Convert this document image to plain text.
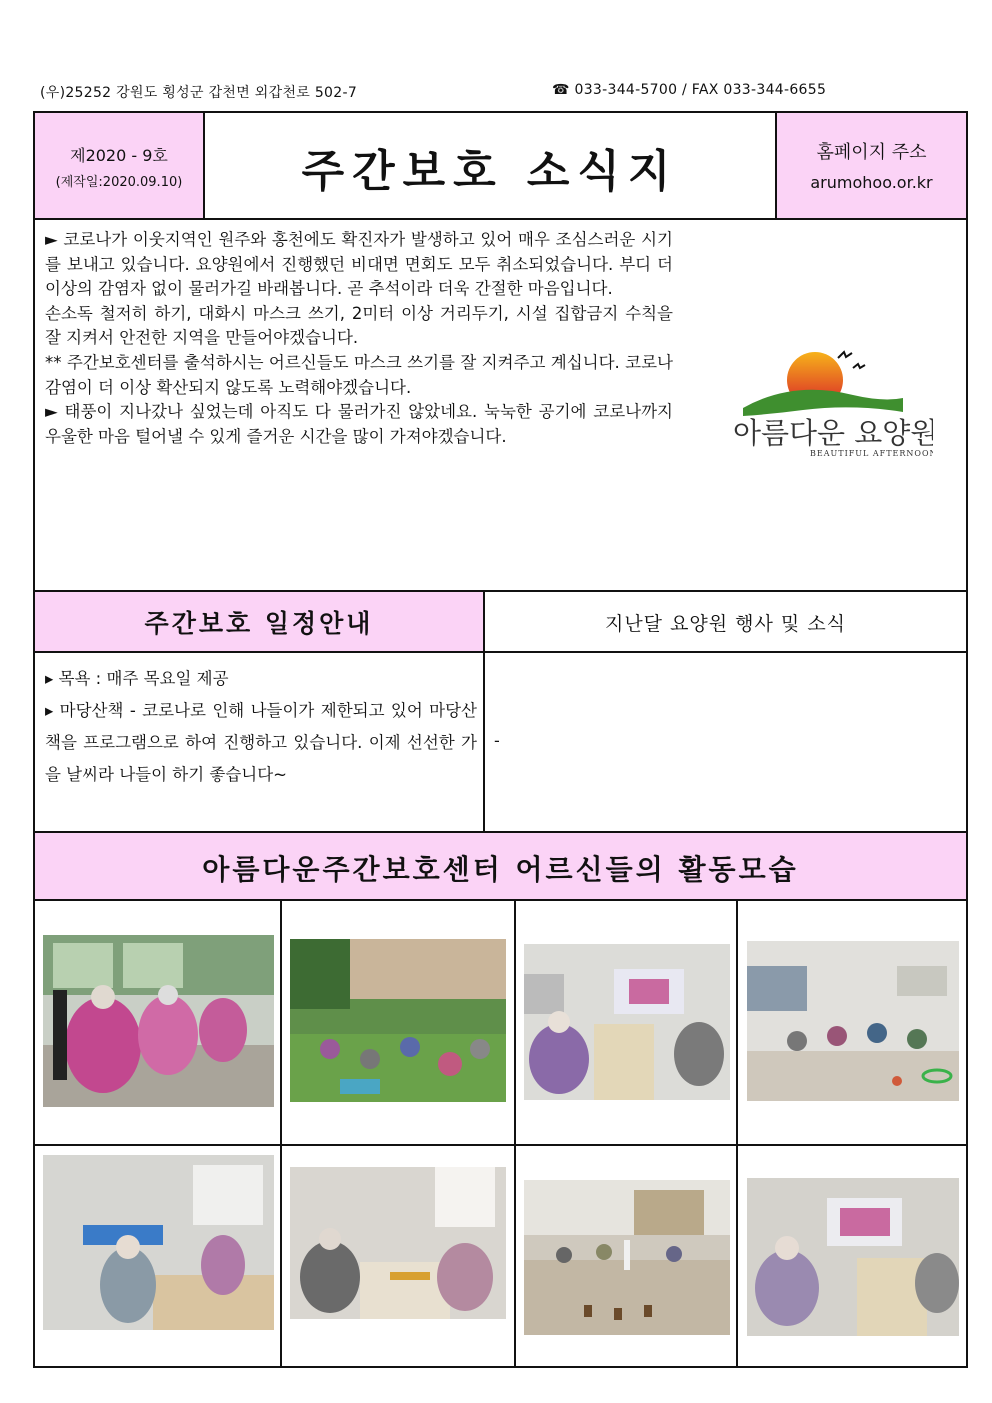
(우)25252 강원도 횡성군 갑천면 외갑천로 502-7	☎ 033-344-5700 / FAX 033-344-6655
제2020 - 9호
(제작일:2020.09.10)	주간보호 소식지	홈페이지 주소
arumohoo.or.kr

► 코로나가 이웃지역인 원주와 홍천에도 확진자가 발생하고 있어 매우 조심스러운 시기를 보내고 있습니다. 요양원에서 진행했던 비대면 면회도 모두 취소되었습니다. 부디 더 이상의 감염자 없이 물러가길 바래봅니다. 곧 추석이라 더욱 간절한 마음입니다.

손소독 철저히 하기, 대화시 마스크 쓰기, 2미터 이상 거리두기, 시설 집합금지 수칙을 잘 지켜서 안전한 지역을 만들어야겠습니다.

** 주간보호센터를 출석하시는 어르신들도 마스크 쓰기를 잘 지켜주고 계십니다. 코로나 감염이 더 이상 확산되지 않도록 노력해야겠습니다.

► 태풍이 지나갔나 싶었는데 아직도 다 물러가진 않았네요. 눅눅한 공기에 코로나까지 우울한 마음 털어낼 수 있게 즐거운 시간을 많이 가져야겠습니다.	아름다운 요양원
BEAUTIFUL AFTERNOON
주간보호 일정안내	지난달 요양원 행사 및 소식

▸ 목욕 : 매주 목요일 제공

▸ 마당산책 - 코로나로 인해 나들이가 제한되고 있어 마당산책을 프로그램으로 하여 진행하고 있습니다. 이제 선선한 가을 날씨라 나들이 하기 좋습니다~

-
아름다운주간보호센터 어르신들의 활동모습
